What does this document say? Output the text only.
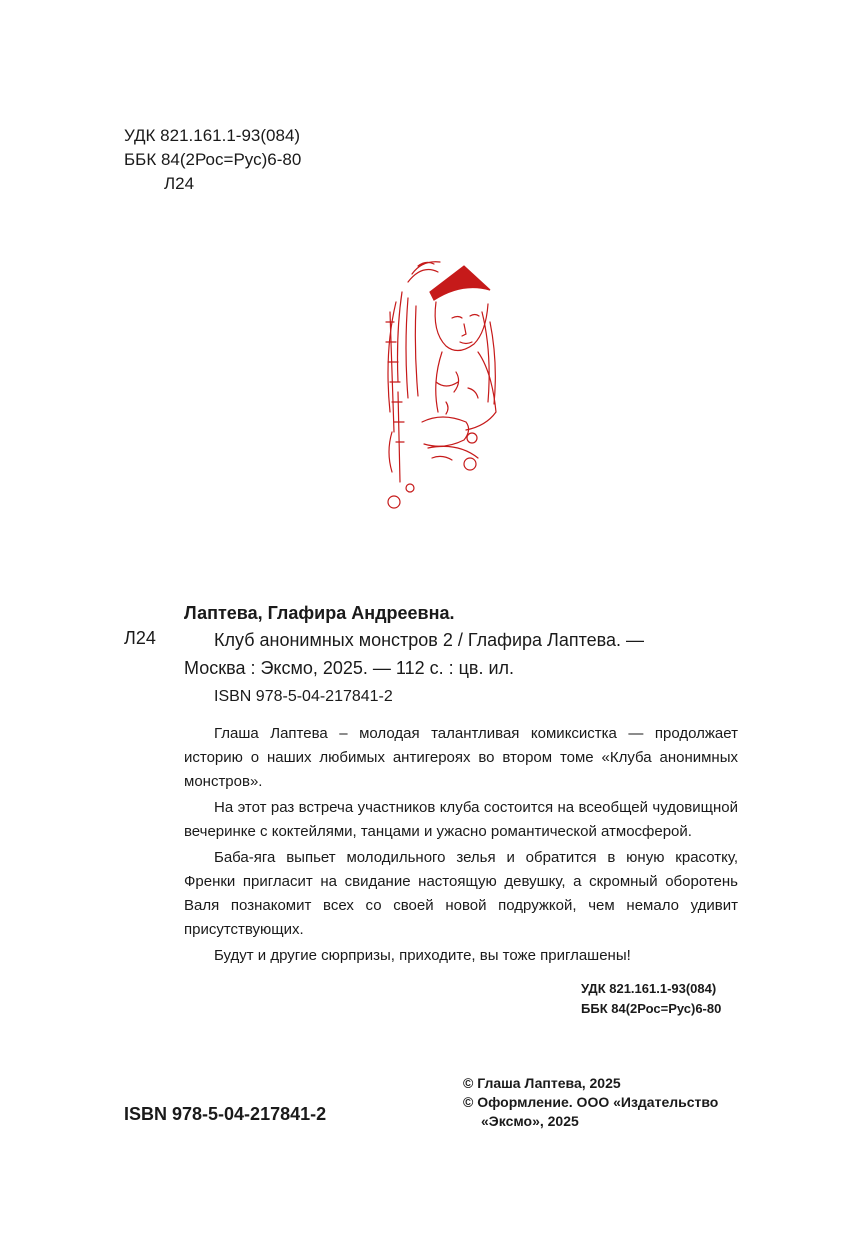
УДК 821.161.1-93(084)
ББК 84(2Рос=Рус)6-80
Л24
Л24
Лаптева, Глафира Андреевна.
Клуб анонимных монстров 2 / Глафира Лаптева. —
Москва : Эксмо, 2025. — 112 с. : цв. ил.
ISBN 978-5-04-217841-2

Глаша Лаптева – молодая талантливая комиксистка — продолжает историю о наших любимых антигероях во втором томе «Клуба анонимных монстров».

На этот раз встреча участников клуба состоится на всеобщей чудовищной вечеринке с коктейлями, танцами и ужасно романтической атмосферой.

Баба-яга выпьет молодильного зелья и обратится в юную красотку, Френки пригласит на свидание настоящую девушку, а скромный оборотень Валя познакомит всех со своей новой подружкой, чем немало удивит присутствующих.

Будут и другие сюрпризы, приходите, вы тоже приглашены!

УДК 821.161.1-93(084)
ББК 84(2Рос=Рус)6-80
ISBN 978-5-04-217841-2
© Глаша Лаптева, 2025
© Оформление. ООО «Издательство
«Эксмо», 2025
